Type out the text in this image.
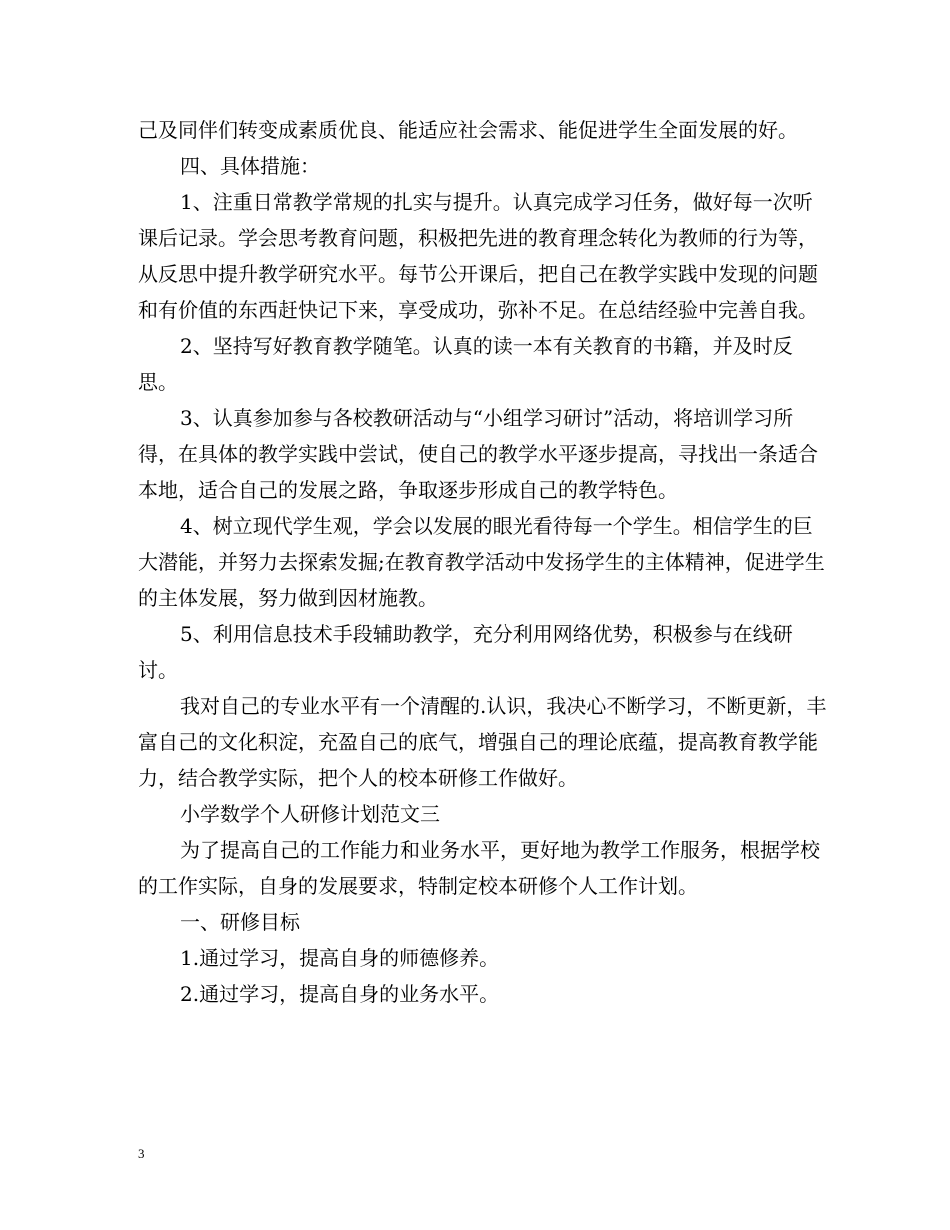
己及同伴们转变成素质优良、能适应社会需求、能促进学生全面发展的好。

四、具体措施：

1、注重日常教学常规的扎实与提升。认真完成学习任务，做好每一次听课后记录。学会思考教育问题，积极把先进的教育理念转化为教师的行为等，从反思中提升教学研究水平。每节公开课后，把自己在教学实践中发现的问题和有价值的东西赶快记下来，享受成功，弥补不足。在总结经验中完善自我。

2、坚持写好教育教学随笔。认真的读一本有关教育的书籍，并及时反思。

3、认真参加参与各校教研活动与“小组学习研讨”活动，将培训学习所得，在具体的教学实践中尝试，使自己的教学水平逐步提高，寻找出一条适合本地，适合自己的发展之路，争取逐步形成自己的教学特色。

4、树立现代学生观，学会以发展的眼光看待每一个学生。相信学生的巨大潜能，并努力去探索发掘;在教育教学活动中发扬学生的主体精神，促进学生的主体发展，努力做到因材施教。

5、利用信息技术手段辅助教学，充分利用网络优势，积极参与在线研讨。

我对自己的专业水平有一个清醒的.认识，我决心不断学习，不断更新，丰富自己的文化积淀，充盈自己的底气，增强自己的理论底蕴，提高教育教学能力，结合教学实际，把个人的校本研修工作做好。

小学数学个人研修计划范文三

为了提高自己的工作能力和业务水平，更好地为教学工作服务，根据学校的工作实际，自身的发展要求，特制定校本研修个人工作计划。

一、研修目标

1.通过学习，提高自身的师德修养。

2.通过学习，提高自身的业务水平。

3
